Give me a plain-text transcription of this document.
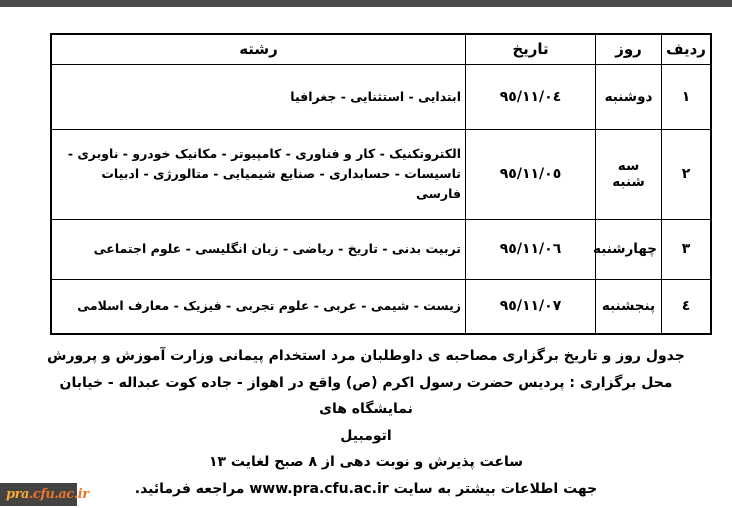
ردیف	روز	تاریخ	رشته
١	دوشنبه	٩٥/١١/٠٤	ابتدایی - استثنایی - جغرافیا
٢	سه شنبه	٩٥/١١/٠٥	الکتروتکنیک - کار و فناوری - کامپیوتر - مکانیک خودرو - ناوبری - تاسیسات - حسابداری - صنایع شیمیایی - متالورژی - ادبیات فارسی
٣	چهارشنبه	٩٥/١١/٠٦	تربیت بدنی - تاریخ - ریاضی - زبان انگلیسی - علوم اجتماعی
٤	پنجشنبه	٩٥/١١/٠٧	زیست - شیمی - عربی - علوم تجربی - فیزیک - معارف اسلامی
جدول روز و تاریخ برگزاری مصاحبه ی داوطلبان مرد استخدام پیمانی وزارت آموزش و پرورش
محل برگزاری : پردیس حضرت رسول اکرم (ص) واقع در اهواز - جاده کوت عبداله - خیابان نمایشگاه های
اتومبیل
ساعت پذیرش و نوبت دهی از ٨ صبح لغایت ١٣
جهت اطلاعات بیشتر به سایت www.pra.cfu.ac.ir مراجعه فرمائید.
pra .cfu.ac.ir
